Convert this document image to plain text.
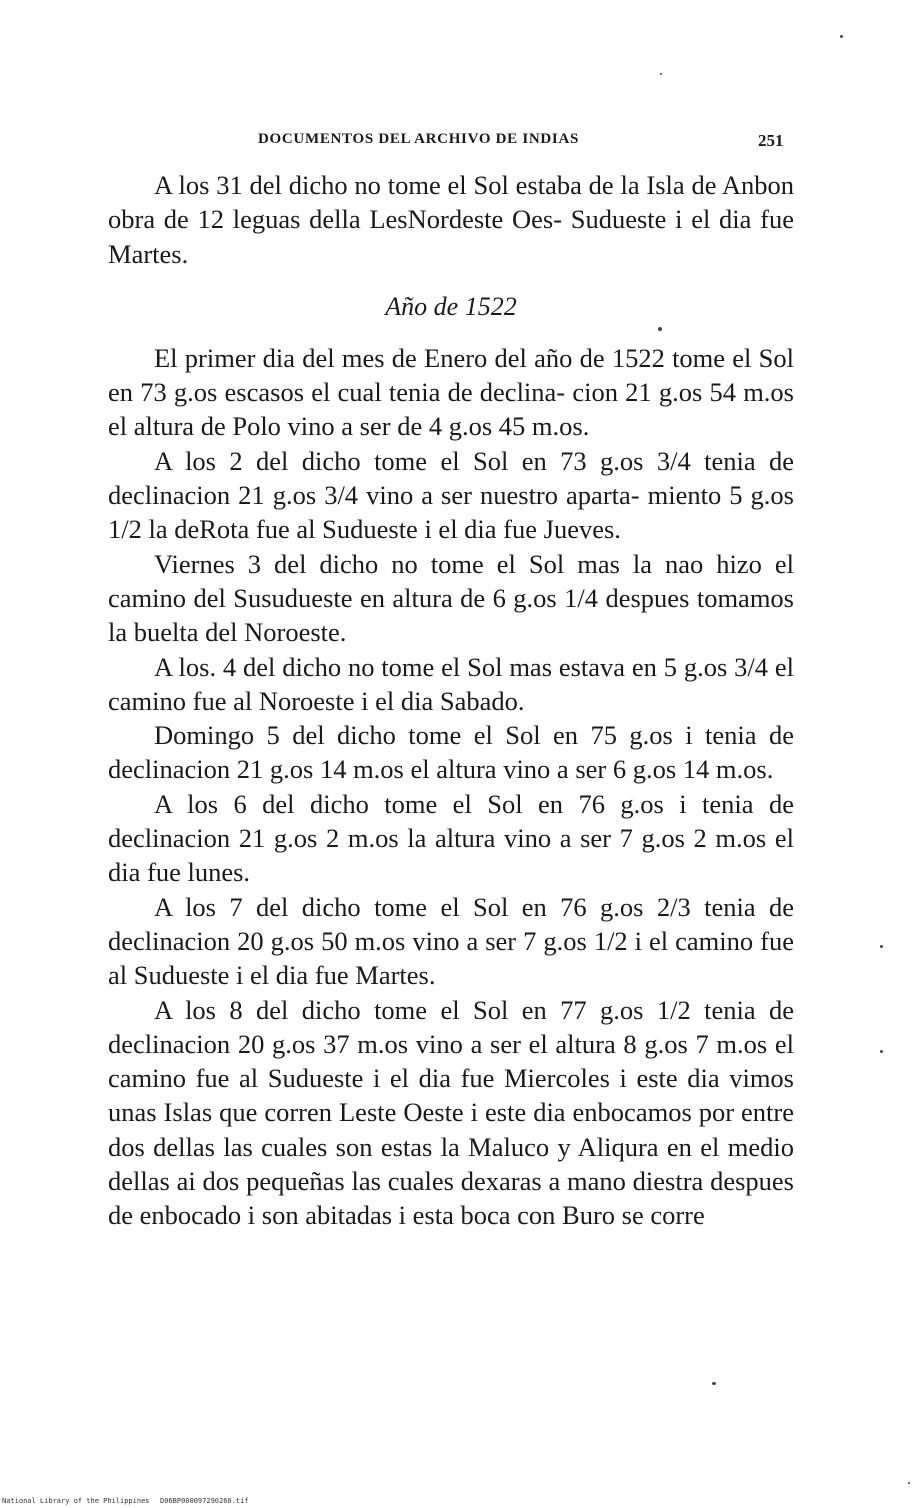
DOCUMENTOS DEL ARCHIVO DE INDIAS	251

A los 31 del dicho no tome el Sol estaba de la Isla de Anbon obra de 12 leguas della LesNordeste Oes- Sudueste i el dia fue Martes.

Año de 1522

El primer dia del mes de Enero del año de 1522 tome el Sol en 73 g.os escasos el cual tenia de declina- cion 21 g.os 54 m.os el altura de Polo vino a ser de 4 g.os 45 m.os.

A los 2 del dicho tome el Sol en 73 g.os 3/4 tenia de declinacion 21 g.os 3/4 vino a ser nuestro aparta- miento 5 g.os 1/2 la deRota fue al Sudueste i el dia fue Jueves.

Viernes 3 del dicho no tome el Sol mas la nao hizo el camino del Susudueste en altura de 6 g.os 1/4 despues tomamos la buelta del Noroeste.

A los. 4 del dicho no tome el Sol mas estava en 5 g.os 3/4 el camino fue al Noroeste i el dia Sabado.

Domingo 5 del dicho tome el Sol en 75 g.os i tenia de declinacion 21 g.os 14 m.os el altura vino a ser 6 g.os 14 m.os.

A los 6 del dicho tome el Sol en 76 g.os i tenia de declinacion 21 g.os 2 m.os la altura vino a ser 7 g.os 2 m.os el dia fue lunes.

A los 7 del dicho tome el Sol en 76 g.os 2/3 tenia de declinacion 20 g.os 50 m.os vino a ser 7 g.os 1/2 i el camino fue al Sudueste i el dia fue Martes.

A los 8 del dicho tome el Sol en 77 g.os 1/2 tenia de declinacion 20 g.os 37 m.os vino a ser el altura 8 g.os 7 m.os el camino fue al Sudueste i el dia fue Miercoles i este dia vimos unas Islas que corren Leste Oeste i este dia enbocamos por entre dos dellas las cuales son estas la Maluco y Aliqura en el medio dellas ai dos pequeñas las cuales dexaras a mano diestra despues de enbocado i son abitadas i esta boca con Buro se corre

National Library of the Philippines D06BP000097290260.tif
